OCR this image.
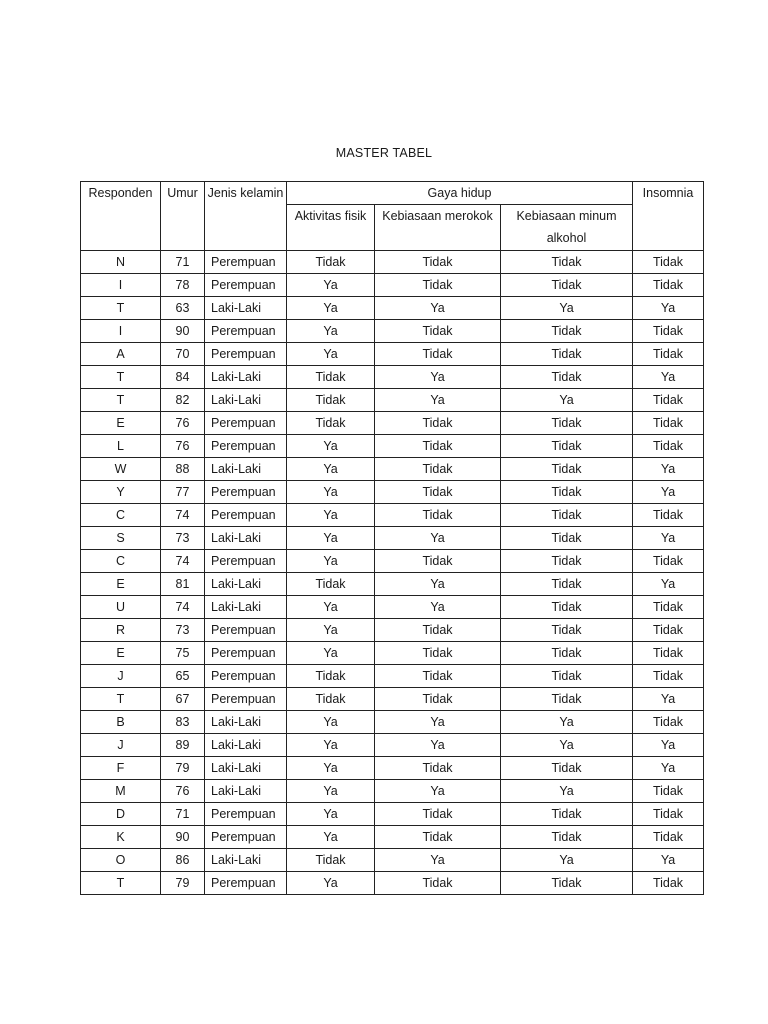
MASTER TABEL
Responden	Umur	Jenis kelamin	Gaya hidup			Insomnia
			Aktivitas fisik	Kebiasaan merokok	Kebiasaan minum alkohol	
N	71	Perempuan	Tidak	Tidak	Tidak	Tidak
I	78	Perempuan	Ya	Tidak	Tidak	Tidak
T	63	Laki-Laki	Ya	Ya	Ya	Ya
I	90	Perempuan	Ya	Tidak	Tidak	Tidak
A	70	Perempuan	Ya	Tidak	Tidak	Tidak
T	84	Laki-Laki	Tidak	Ya	Tidak	Ya
T	82	Laki-Laki	Tidak	Ya	Ya	Tidak
E	76	Perempuan	Tidak	Tidak	Tidak	Tidak
L	76	Perempuan	Ya	Tidak	Tidak	Tidak
W	88	Laki-Laki	Ya	Tidak	Tidak	Ya
Y	77	Perempuan	Ya	Tidak	Tidak	Ya
C	74	Perempuan	Ya	Tidak	Tidak	Tidak
S	73	Laki-Laki	Ya	Ya	Tidak	Ya
C	74	Perempuan	Ya	Tidak	Tidak	Tidak
E	81	Laki-Laki	Tidak	Ya	Tidak	Ya
U	74	Laki-Laki	Ya	Ya	Tidak	Tidak
R	73	Perempuan	Ya	Tidak	Tidak	Tidak
E	75	Perempuan	Ya	Tidak	Tidak	Tidak
J	65	Perempuan	Tidak	Tidak	Tidak	Tidak
T	67	Perempuan	Tidak	Tidak	Tidak	Ya
B	83	Laki-Laki	Ya	Ya	Ya	Tidak
J	89	Laki-Laki	Ya	Ya	Ya	Ya
F	79	Laki-Laki	Ya	Tidak	Tidak	Ya
M	76	Laki-Laki	Ya	Ya	Ya	Tidak
D	71	Perempuan	Ya	Tidak	Tidak	Tidak
K	90	Perempuan	Ya	Tidak	Tidak	Tidak
O	86	Laki-Laki	Tidak	Ya	Ya	Ya
T	79	Perempuan	Ya	Tidak	Tidak	Tidak
